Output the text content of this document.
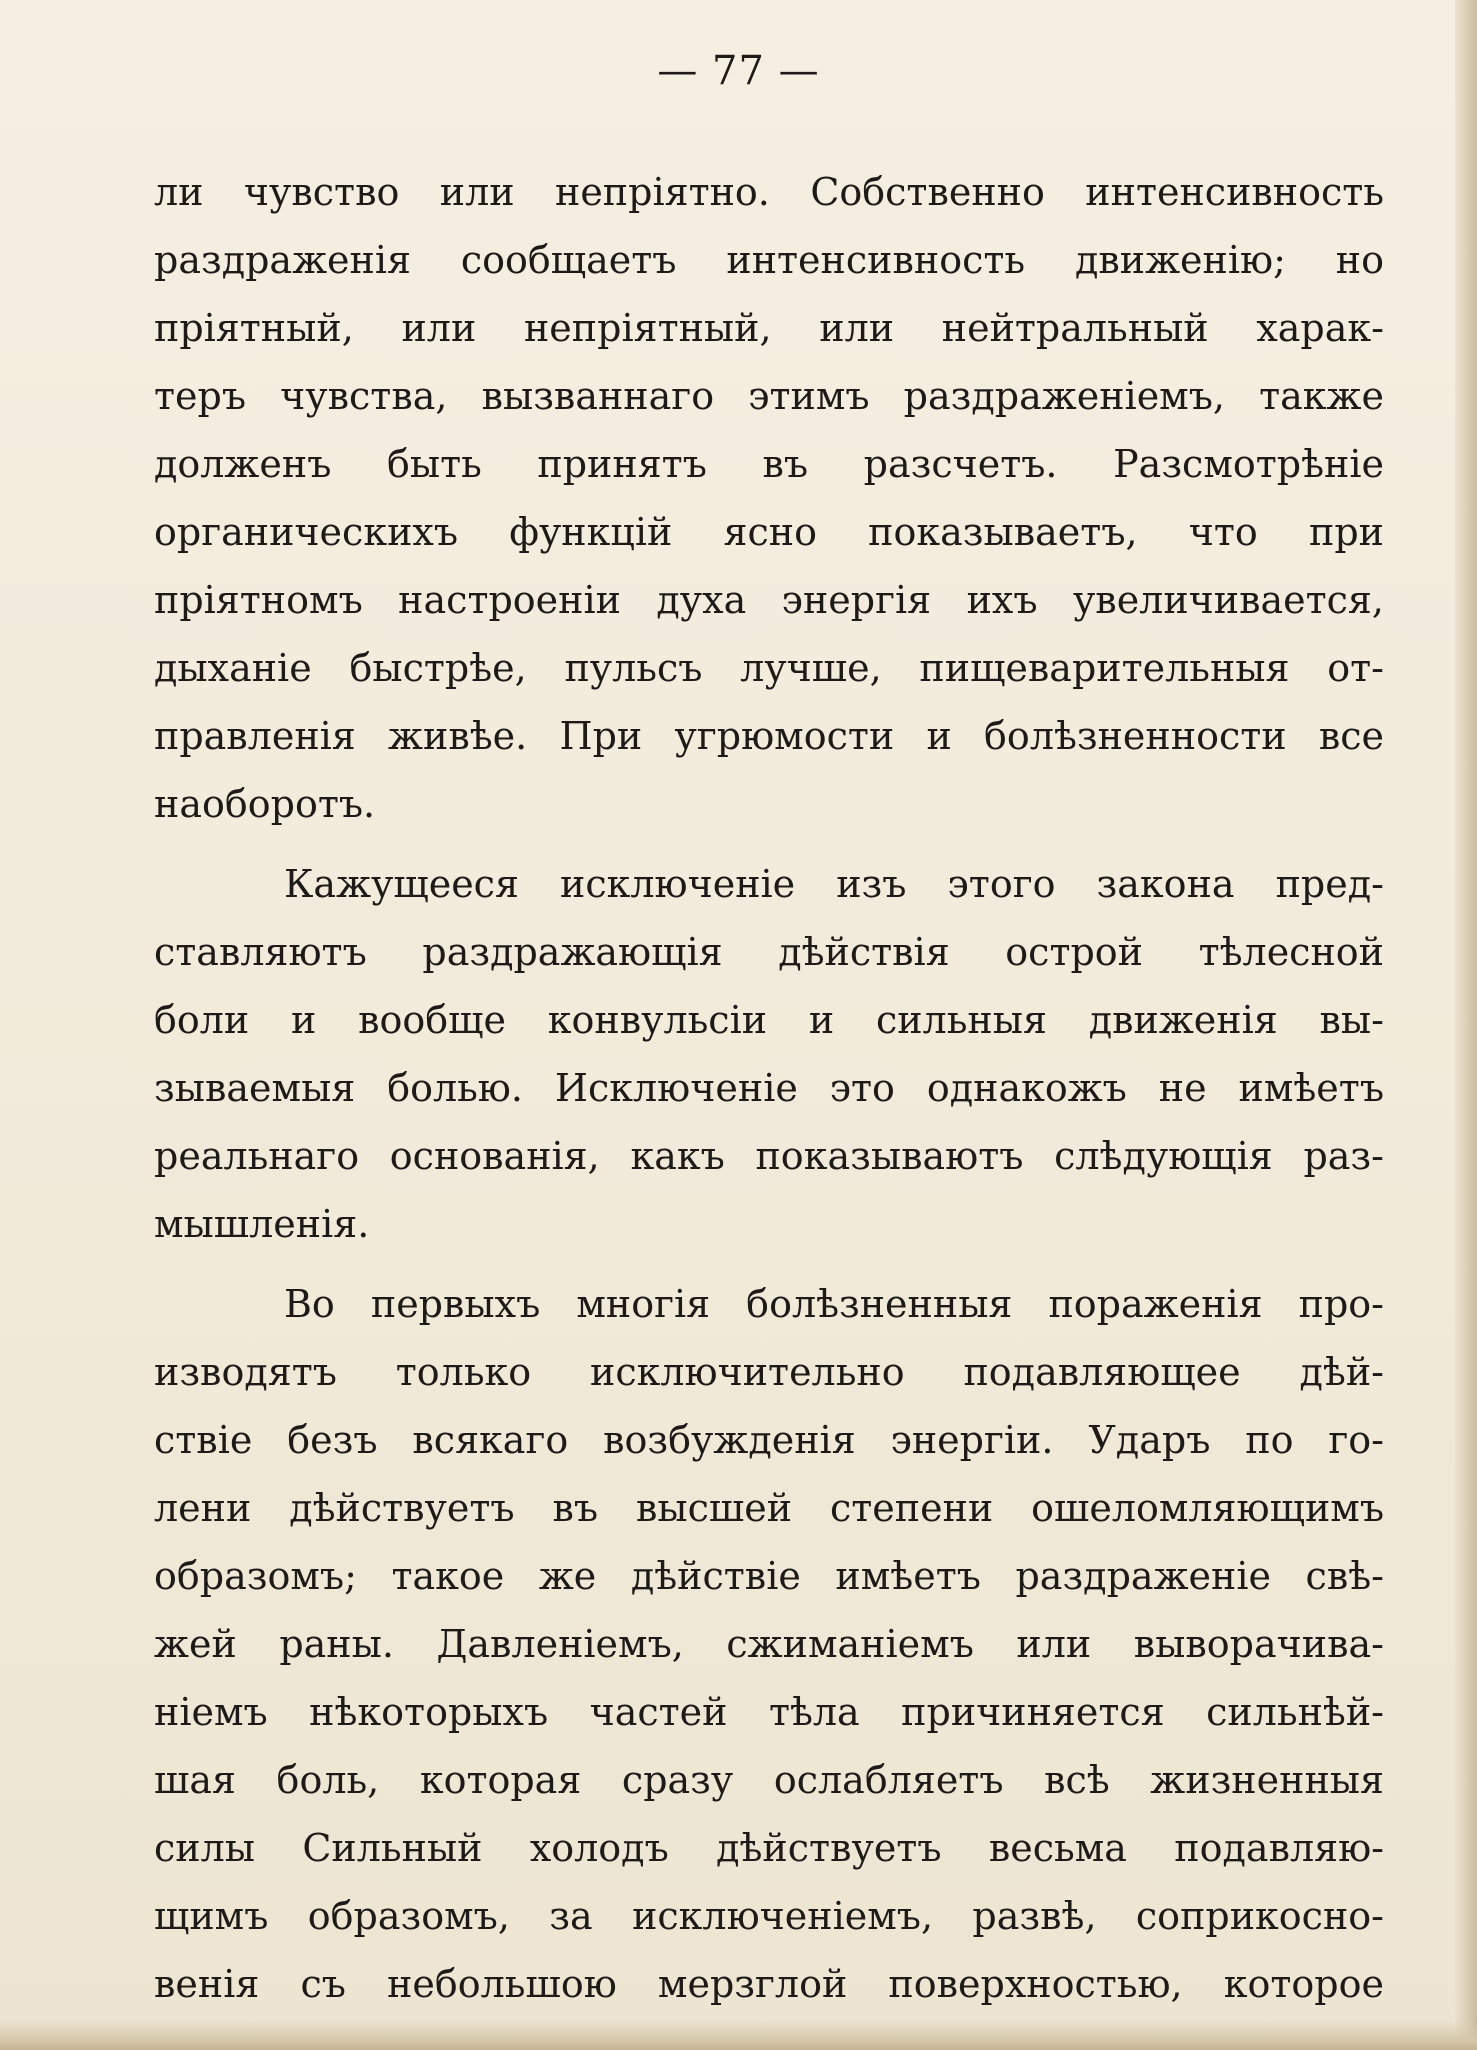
— 77 —

ли чувство или непріятно. Собственно интенсивность
раздраженія сообщаетъ интенсивность движенію; но
пріятный, или непріятный, или нейтральный харак-
теръ чувства, вызваннаго этимъ раздраженіемъ, также
долженъ быть принятъ въ разсчетъ. Разсмотрѣніе
органическихъ функцій ясно показываетъ, что при
пріятномъ настроеніи духа энергія ихъ увеличивается,
дыханіе быстрѣе, пульсъ лучше, пищеварительныя от-
правленія живѣе. При угрюмости и болѣзненности все
наоборотъ.
Кажущееся исключеніе изъ этого закона пред-
ставляютъ раздражающія дѣйствія острой тѣлесной
боли и вообще конвульсіи и сильныя движенія вы-
зываемыя болью. Исключеніе это однакожъ не имѣетъ
реальнаго основанія, какъ показываютъ слѣдующія раз-
мышленія.
Во первыхъ многія болѣзненныя пораженія про-
изводятъ только исключительно подавляющее дѣй-
ствіе безъ всякаго возбужденія энергіи. Ударъ по го-
лени дѣйствуетъ въ высшей степени ошеломляющимъ
образомъ; такое же дѣйствіе имѣетъ раздраженіе свѣ-
жей раны. Давленіемъ, сжиманіемъ или выворачива-
ніемъ нѣкоторыхъ частей тѣла причиняется сильнѣй-
шая боль, которая сразу ослабляетъ всѣ жизненныя
силы Сильный холодъ дѣйствуетъ весьма подавляю-
щимъ образомъ, за исключеніемъ, развѣ, соприкосно-
венія съ небольшою мерзглой поверхностью, которое
